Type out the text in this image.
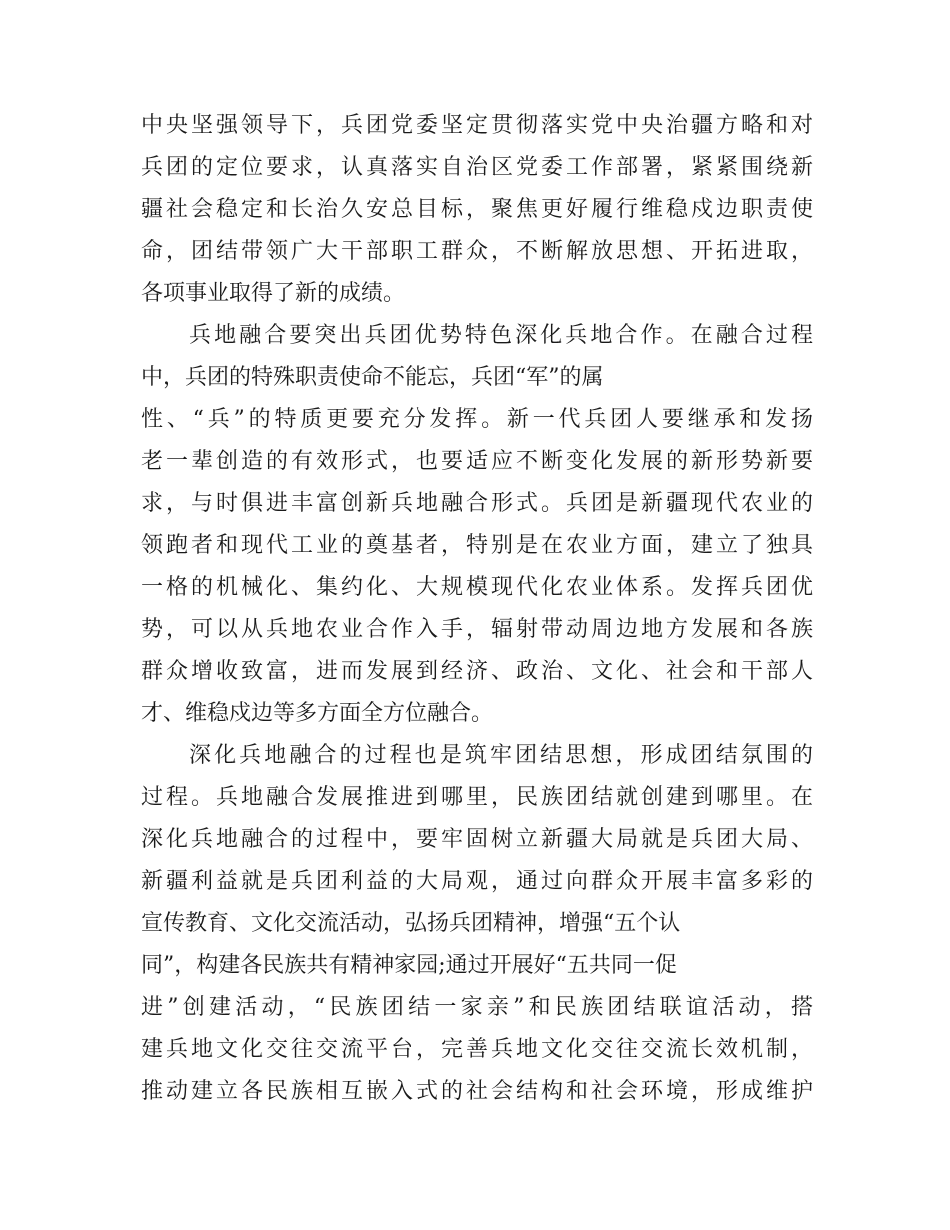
中央坚强领导下，兵团党委坚定贯彻落实党中央治疆方略和对
兵团的定位要求，认真落实自治区党委工作部署，紧紧围绕新
疆社会稳定和长治久安总目标，聚焦更好履行维稳戍边职责使
命，团结带领广大干部职工群众，不断解放思想、开拓进取，
各项事业取得了新的成绩。
兵地融合要突出兵团优势特色深化兵地合作。在融合过程
中，兵团的特殊职责使命不能忘，兵团“军”的属
性、“兵”的特质更要充分发挥。新一代兵团人要继承和发扬
老一辈创造的有效形式，也要适应不断变化发展的新形势新要
求，与时俱进丰富创新兵地融合形式。兵团是新疆现代农业的
领跑者和现代工业的奠基者，特别是在农业方面，建立了独具
一格的机械化、集约化、大规模现代化农业体系。发挥兵团优
势，可以从兵地农业合作入手，辐射带动周边地方发展和各族
群众增收致富，进而发展到经济、政治、文化、社会和干部人
才、维稳戍边等多方面全方位融合。
深化兵地融合的过程也是筑牢团结思想，形成团结氛围的
过程。兵地融合发展推进到哪里，民族团结就创建到哪里。在
深化兵地融合的过程中，要牢固树立新疆大局就是兵团大局、
新疆利益就是兵团利益的大局观，通过向群众开展丰富多彩的
宣传教育、文化交流活动，弘扬兵团精神，增强“五个认
同”，构建各民族共有精神家园;通过开展好“五共同一促
进”创建活动，“民族团结一家亲”和民族团结联谊活动，搭
建兵地文化交往交流平台，完善兵地文化交往交流长效机制，
推动建立各民族相互嵌入式的社会结构和社会环境，形成维护
